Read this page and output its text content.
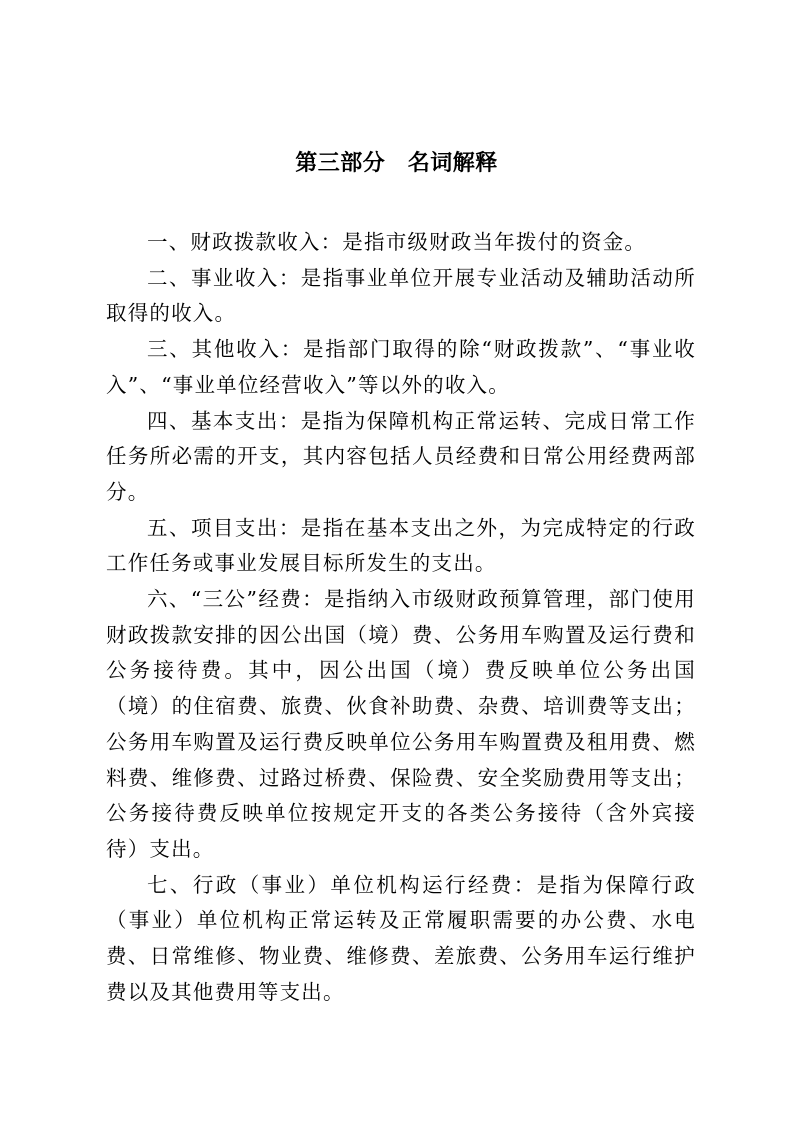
第三部分　名词解释

一、财政拨款收入：是指市级财政当年拨付的资金。

二、事业收入：是指事业单位开展专业活动及辅助活动所取得的收入。

三、其他收入：是指部门取得的除“财政拨款”、“事业收入”、“事业单位经营收入”等以外的收入。

四、基本支出：是指为保障机构正常运转、完成日常工作任务所必需的开支，其内容包括人员经费和日常公用经费两部分。

五、项目支出：是指在基本支出之外，为完成特定的行政工作任务或事业发展目标所发生的支出。

六、“三公”经费：是指纳入市级财政预算管理，部门使用财政拨款安排的因公出国（境）费、公务用车购置及运行费和公务接待费。其中，因公出国（境）费反映单位公务出国（境）的住宿费、旅费、伙食补助费、杂费、培训费等支出；公务用车购置及运行费反映单位公务用车购置费及租用费、燃料费、维修费、过路过桥费、保险费、安全奖励费用等支出；公务接待费反映单位按规定开支的各类公务接待（含外宾接待）支出。

七、行政（事业）单位机构运行经费：是指为保障行政（事业）单位机构正常运转及正常履职需要的办公费、水电费、日常维修、物业费、维修费、差旅费、公务用车运行维护费以及其他费用等支出。
